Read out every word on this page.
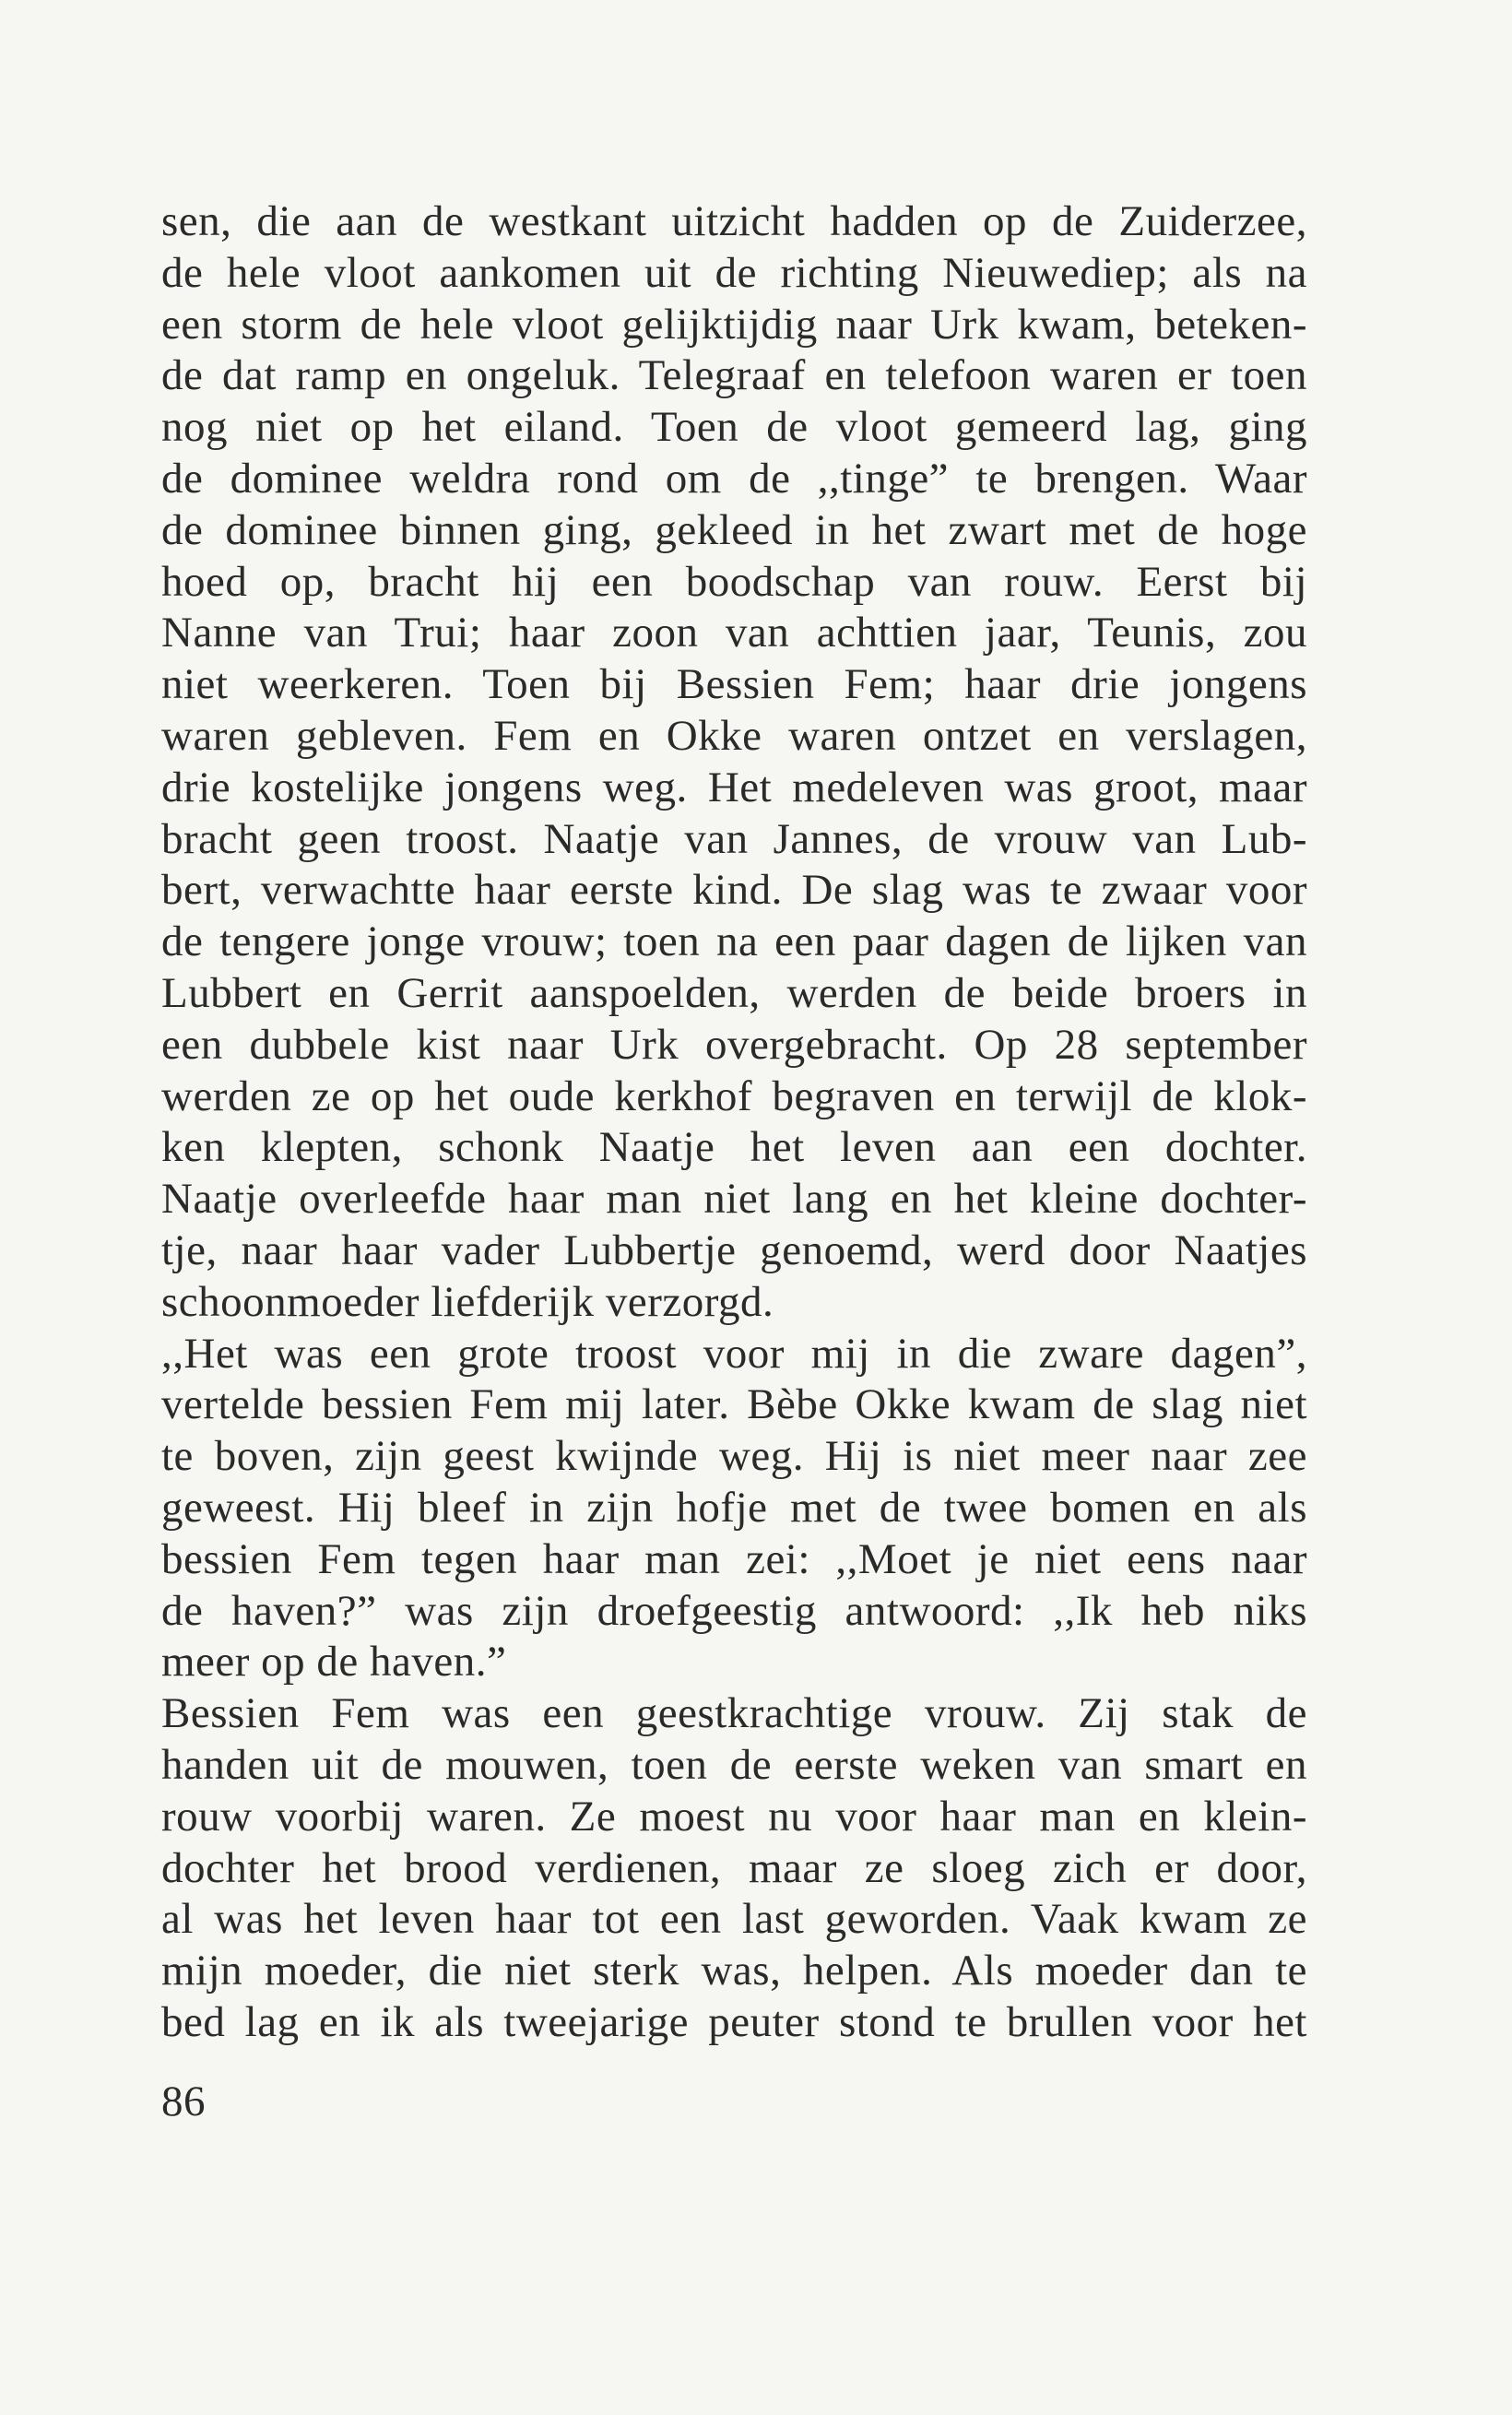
sen, die aan de westkant uitzicht hadden op de Zuiderzee,
de hele vloot aankomen uit de richting Nieuwediep; als na
een storm de hele vloot gelijktijdig naar Urk kwam, beteken-
de dat ramp en ongeluk. Telegraaf en telefoon waren er toen
nog niet op het eiland. Toen de vloot gemeerd lag, ging
de dominee weldra rond om de ,,tinge” te brengen. Waar
de dominee binnen ging, gekleed in het zwart met de hoge
hoed op, bracht hij een boodschap van rouw. Eerst bij
Nanne van Trui; haar zoon van achttien jaar, Teunis, zou
niet weerkeren. Toen bij Bessien Fem; haar drie jongens
waren gebleven. Fem en Okke waren ontzet en verslagen,
drie kostelijke jongens weg. Het medeleven was groot, maar
bracht geen troost. Naatje van Jannes, de vrouw van Lub-
bert, verwachtte haar eerste kind. De slag was te zwaar voor
de tengere jonge vrouw; toen na een paar dagen de lijken van
Lubbert en Gerrit aanspoelden, werden de beide broers in
een dubbele kist naar Urk overgebracht. Op 28 september
werden ze op het oude kerkhof begraven en terwijl de klok-
ken klepten, schonk Naatje het leven aan een dochter.
Naatje overleefde haar man niet lang en het kleine dochter-
tje, naar haar vader Lubbertje genoemd, werd door Naatjes
schoonmoeder liefderijk verzorgd.
,,Het was een grote troost voor mij in die zware dagen”,
vertelde bessien Fem mij later. Bèbe Okke kwam de slag niet
te boven, zijn geest kwijnde weg. Hij is niet meer naar zee
geweest. Hij bleef in zijn hofje met de twee bomen en als
bessien Fem tegen haar man zei: ,,Moet je niet eens naar
de haven?” was zijn droefgeestig antwoord: ,,Ik heb niks
meer op de haven.”
Bessien Fem was een geestkrachtige vrouw. Zij stak de
handen uit de mouwen, toen de eerste weken van smart en
rouw voorbij waren. Ze moest nu voor haar man en klein-
dochter het brood verdienen, maar ze sloeg zich er door,
al was het leven haar tot een last geworden. Vaak kwam ze
mijn moeder, die niet sterk was, helpen. Als moeder dan te
bed lag en ik als tweejarige peuter stond te brullen voor het
86
